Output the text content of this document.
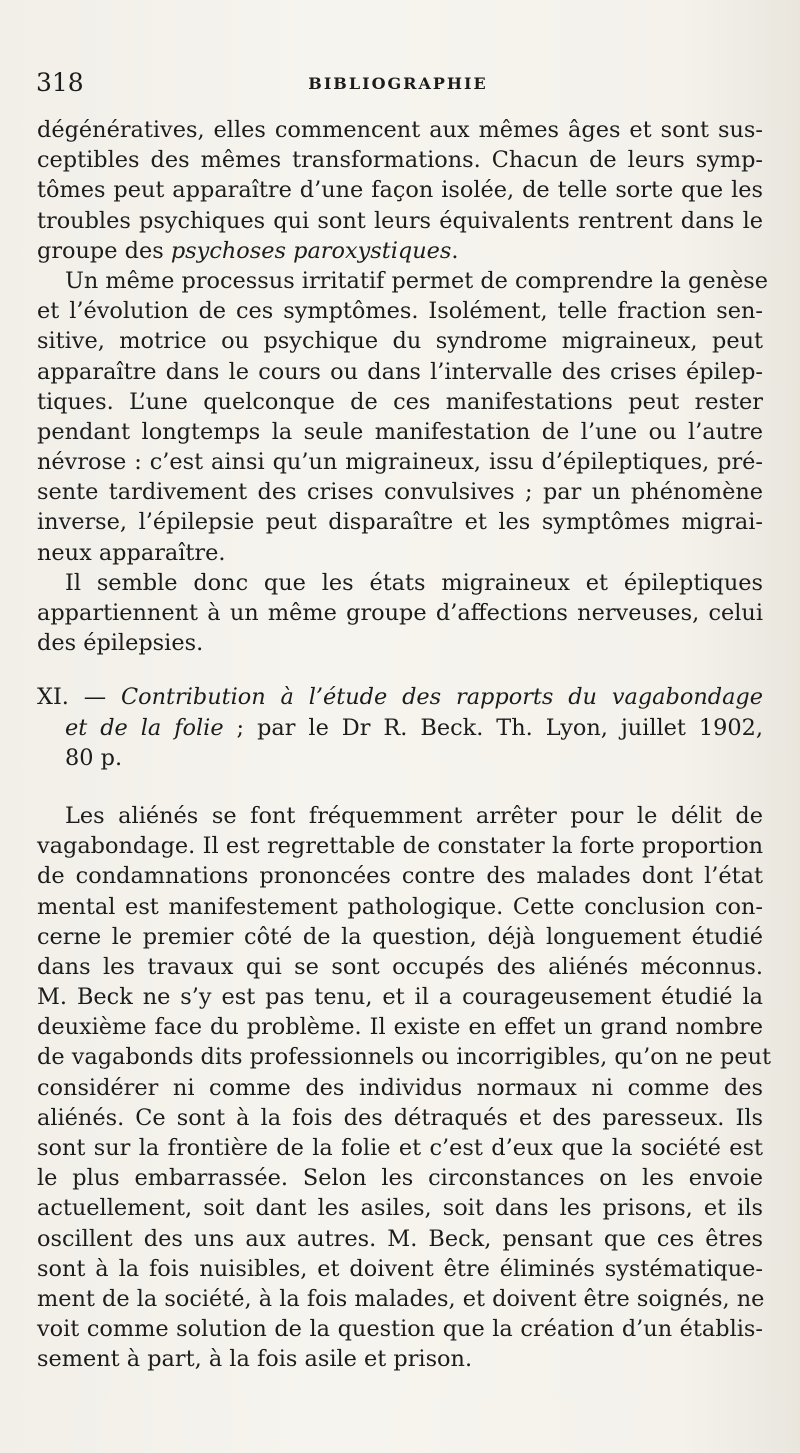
318	BIBLIOGRAPHIE
dégénératives, elles commencent aux mêmes âges et sont sus-
ceptibles des mêmes transformations. Chacun de leurs symp-
tômes peut apparaître d’une façon isolée, de telle sorte que les
troubles psychiques qui sont leurs équivalents rentrent dans le
groupe des psychoses paroxystiques.
Un même processus irritatif permet de comprendre la genèse
et l’évolution de ces symptômes. Isolément, telle fraction sen-
sitive, motrice ou psychique du syndrome migraineux, peut
apparaître dans le cours ou dans l’intervalle des crises épilep-
tiques. L’une quelconque de ces manifestations peut rester
pendant longtemps la seule manifestation de l’une ou l’autre
névrose : c’est ainsi qu’un migraineux, issu d’épileptiques, pré-
sente tardivement des crises convulsives ; par un phénomène
inverse, l’épilepsie peut disparaître et les symptômes migrai-
neux apparaître.
Il semble donc que les états migraineux et épileptiques
appartiennent à un même groupe d’affections nerveuses, celui
des épilepsies.
XI. — Contribution à l’étude des rapports du vagabondage
et de la folie ; par le Dr R. Beck. Th. Lyon, juillet 1902,
80 p.
Les aliénés se font fréquemment arrêter pour le délit de
vagabondage. Il est regrettable de constater la forte proportion
de condamnations prononcées contre des malades dont l’état
mental est manifestement pathologique. Cette conclusion con-
cerne le premier côté de la question, déjà longuement étudié
dans les travaux qui se sont occupés des aliénés méconnus.
M. Beck ne s’y est pas tenu, et il a courageusement étudié la
deuxième face du problème. Il existe en effet un grand nombre
de vagabonds dits professionnels ou incorrigibles, qu’on ne peut
considérer ni comme des individus normaux ni comme des
aliénés. Ce sont à la fois des détraqués et des paresseux. Ils
sont sur la frontière de la folie et c’est d’eux que la société est
le plus embarrassée. Selon les circonstances on les envoie
actuellement, soit dant les asiles, soit dans les prisons, et ils
oscillent des uns aux autres. M. Beck, pensant que ces êtres
sont à la fois nuisibles, et doivent être éliminés systématique-
ment de la société, à la fois malades, et doivent être soignés, ne
voit comme solution de la question que la création d’un établis-
sement à part, à la fois asile et prison.
